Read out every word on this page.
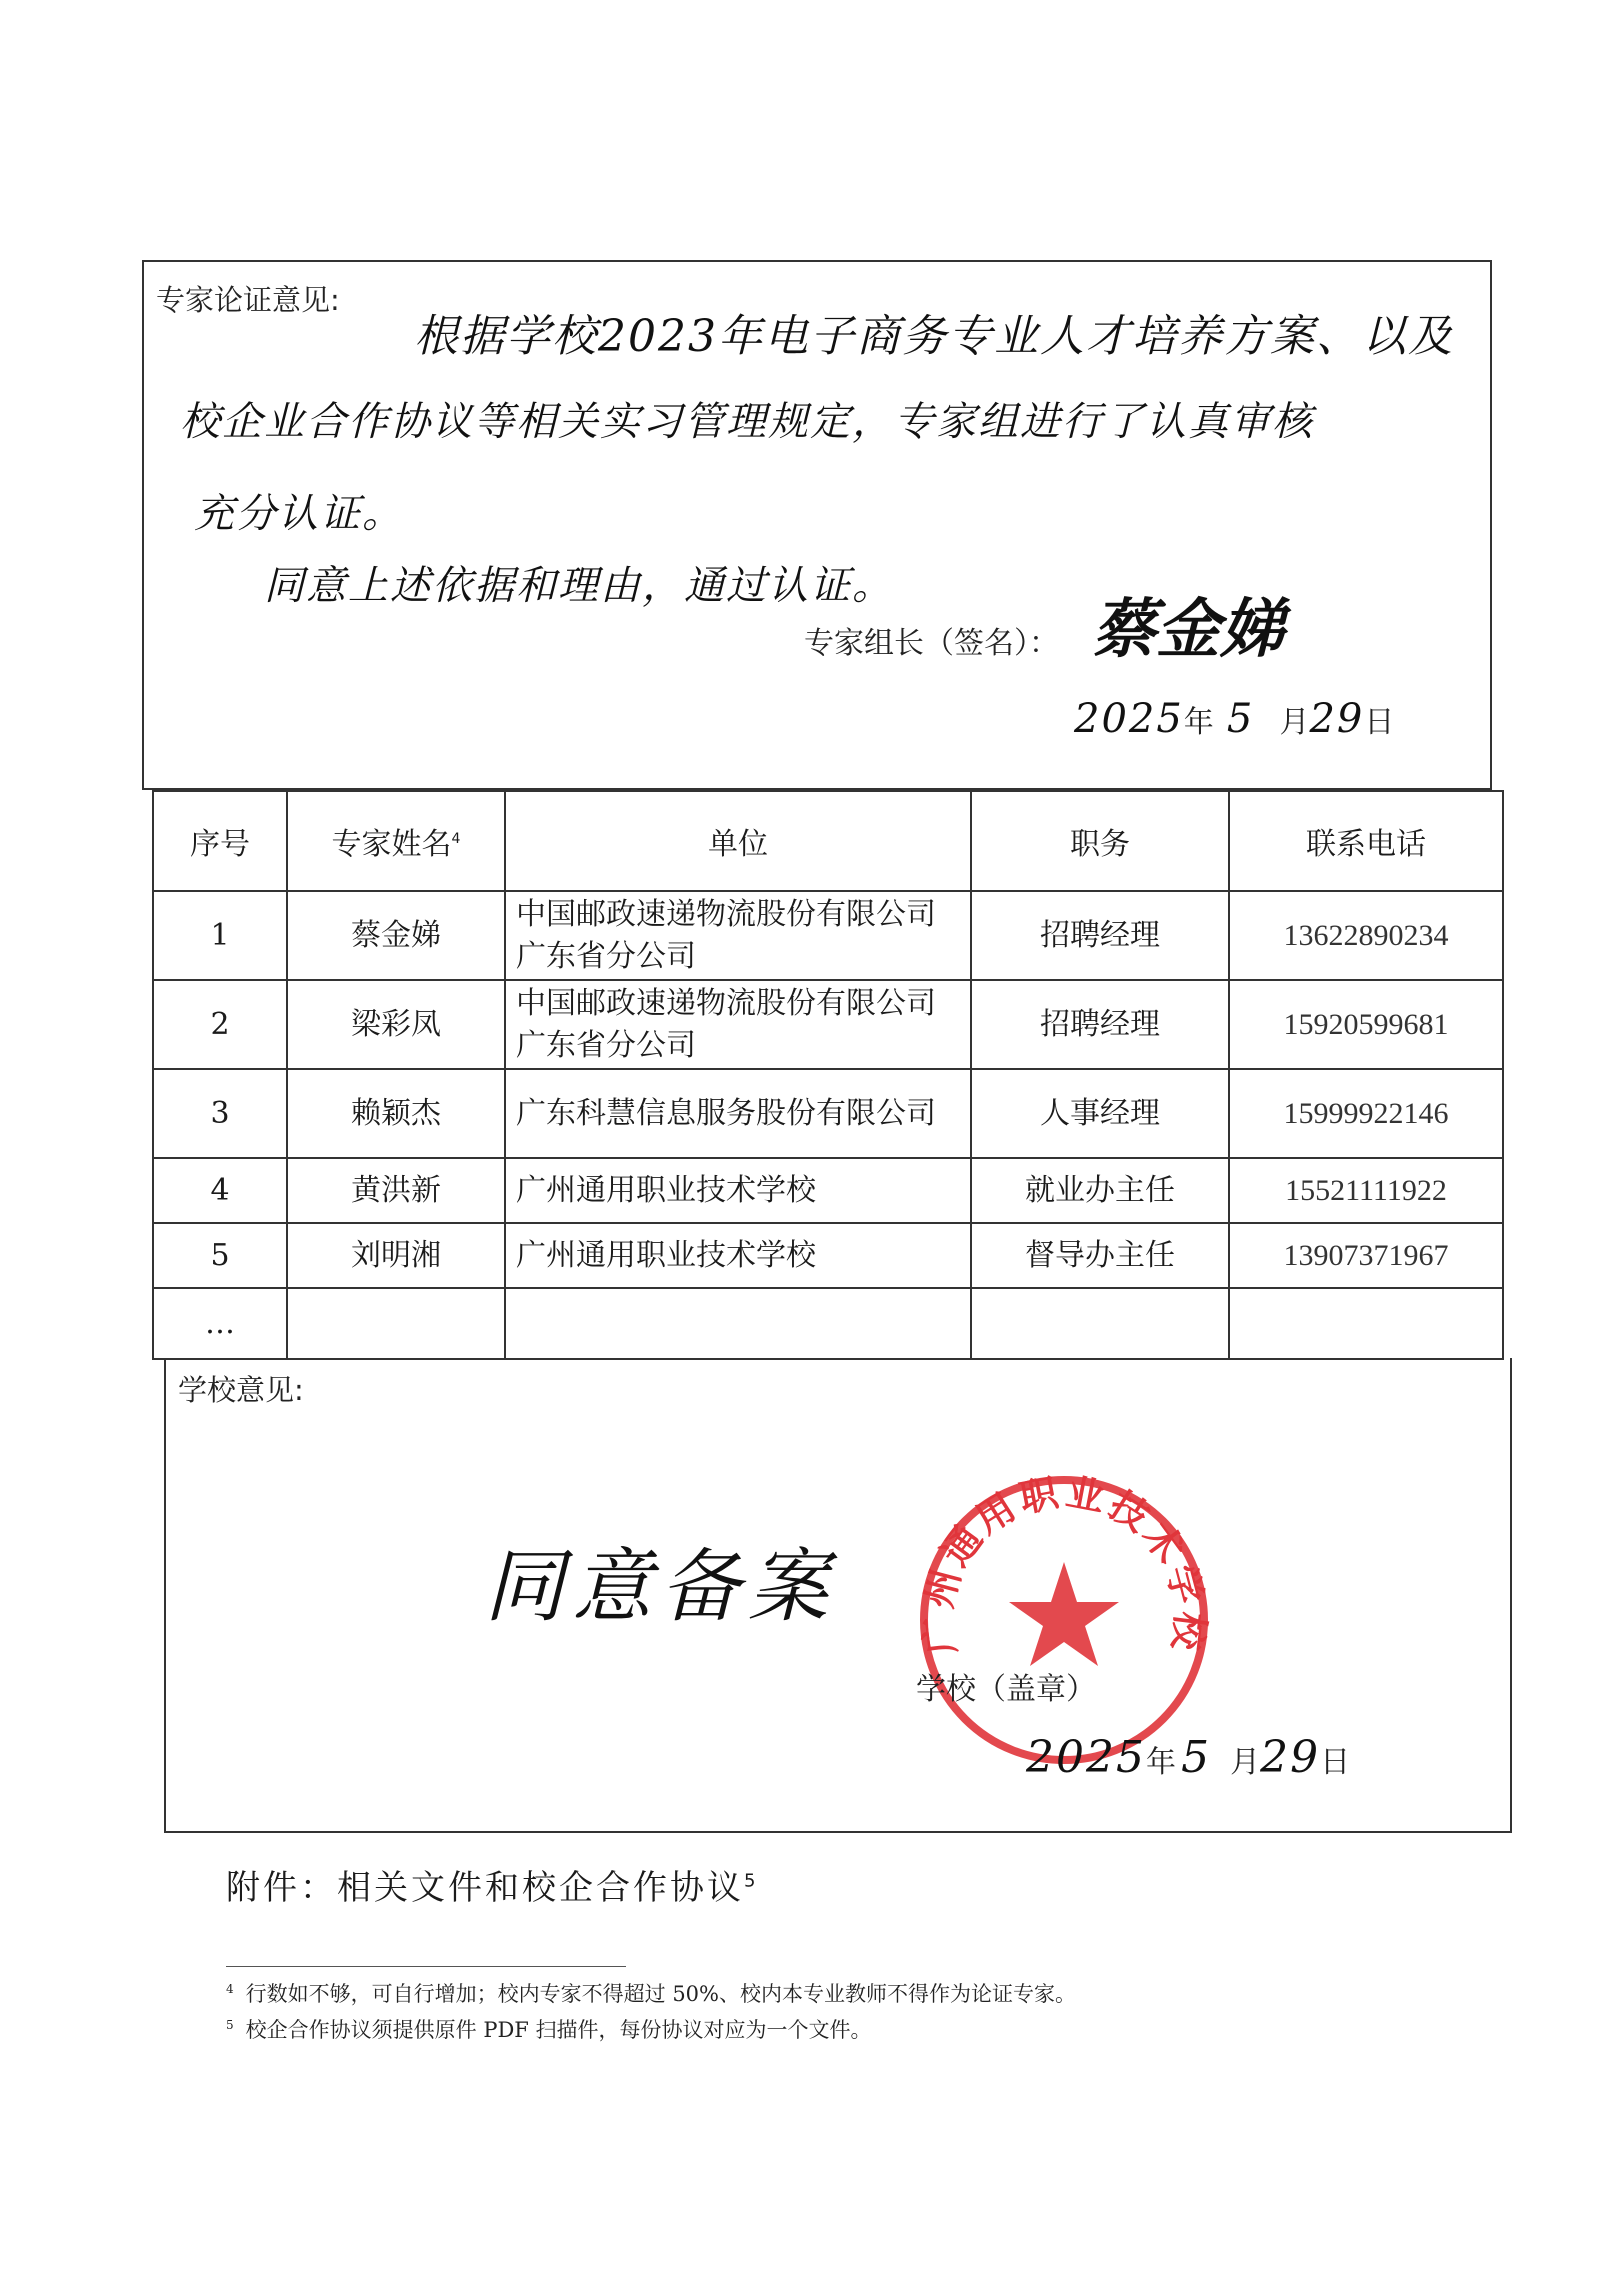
专家论证意见:
根据学校2023年电子商务专业人才培养方案、以及
校企业合作协议等相关实习管理规定，专家组进行了认真审核
充分认证。
同意上述依据和理由，通过认证。
专家组长（签名）： 蔡金娣
2025年 5 月29日
序号	专家姓名$^4$	单位	职务	联系电话
1	蔡金娣	中国邮政速递物流股份有限公司广东省分公司	招聘经理	13622890234
2	梁彩凤	中国邮政速递物流股份有限公司广东省分公司	招聘经理	15920599681
3	赖颖杰	广东科慧信息服务股份有限公司	人事经理	15999922146
4	黄洪新	广州通用职业技术学校	就业办主任	15521111922
5	刘明湘	广州通用职业技术学校	督导办主任	13907371967
…				
学校意见:
同意备案
广州通用职业技术学校
学校（盖章）
2025年 5 月29日
附件：相关文件和校企合作协议$^5$
$^4$ 行数如不够，可自行增加；校内专家不得超过 50%、校内本专业教师不得作为论证专家。
$^5$ 校企合作协议须提供原件 PDF 扫描件，每份协议对应为一个文件。
